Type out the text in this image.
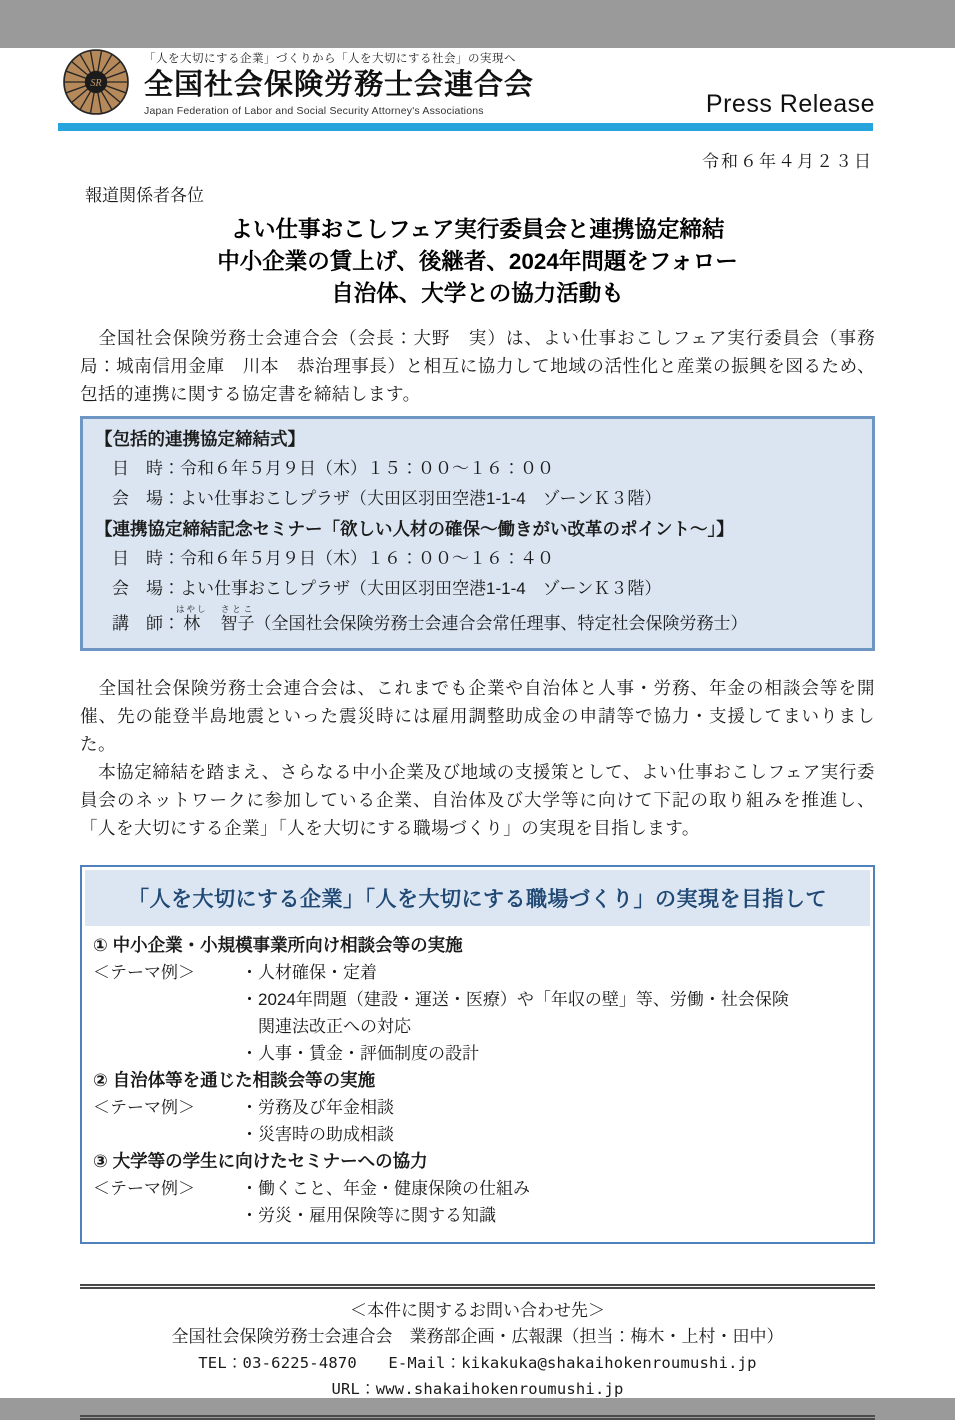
SR
「人を大切にする企業」づくりから「人を大切にする社会」の実現へ
全国社会保険労務士会連合会
Japan Federation of Labor and Social Security Attorney's Associations	Press Release
令和６年４月２３日
報道関係者各位
よい仕事おこしフェア実行委員会と連携協定締結
中小企業の賃上げ、後継者、2024年問題をフォロー
自治体、大学との協力活動も

　全国社会保険労務士会連合会（会長：大野　実）は、よい仕事おこしフェア実行委員会（事務局：城南信用金庫　川本　恭治理事長）と相互に協力して地域の活性化と産業の振興を図るため、包括的連携に関する協定書を締結します。

【包括的連携協定締結式】
　日　時：令和６年５月９日（木）１５：００～１６：００
　会　場：よい仕事おこしプラザ（大田区羽田空港1-1-4　ゾーンＫ３階）
【連携協定締結記念セミナー「欲しい人材の確保～働きがい改革のポイント～」】
　日　時：令和６年５月９日（木）１６：００～１６：４０
　会　場：よい仕事おこしプラザ（大田区羽田空港1-1-4　ゾーンＫ３階）
　講　師：林はやし　智子さとこ（全国社会保険労務士会連合会常任理事、特定社会保険労務士）

　全国社会保険労務士会連合会は、これまでも企業や自治体と人事・労務、年金の相談会等を開催、先の能登半島地震といった震災時には雇用調整助成金の申請等で協力・支援してまいりました。

　本協定締結を踏まえ、さらなる中小企業及び地域の支援策として、よい仕事おこしフェア実行委員会のネットワークに参加している企業、自治体及び大学等に向けて下記の取り組みを推進し、「人を大切にする企業」「人を大切にする職場づくり」の実現を目指します。

「人を大切にする企業」「人を大切にする職場づくり」の実現を目指して
① 中小企業・小規模事業所向け相談会等の実施
＜テーマ例＞	・人材確保・定着
・2024年問題（建設・運送・医療）や「年収の壁」等、労働・社会保険
関連法改正への対応
・人事・賃金・評価制度の設計
② 自治体等を通じた相談会等の実施
＜テーマ例＞	・労務及び年金相談
・災害時の助成相談
③ 大学等の学生に向けたセミナーへの協力
＜テーマ例＞	・働くこと、年金・健康保険の仕組み
・労災・雇用保険等に関する知識
＜本件に関するお問い合わせ先＞
全国社会保険労務士会連合会　業務部企画・広報課（担当：梅木・上村・田中）
TEL：03-6225-4870　　E-Mail：kikakuka@shakaihokenroumushi.jp
URL：www.shakaihokenroumushi.jp
